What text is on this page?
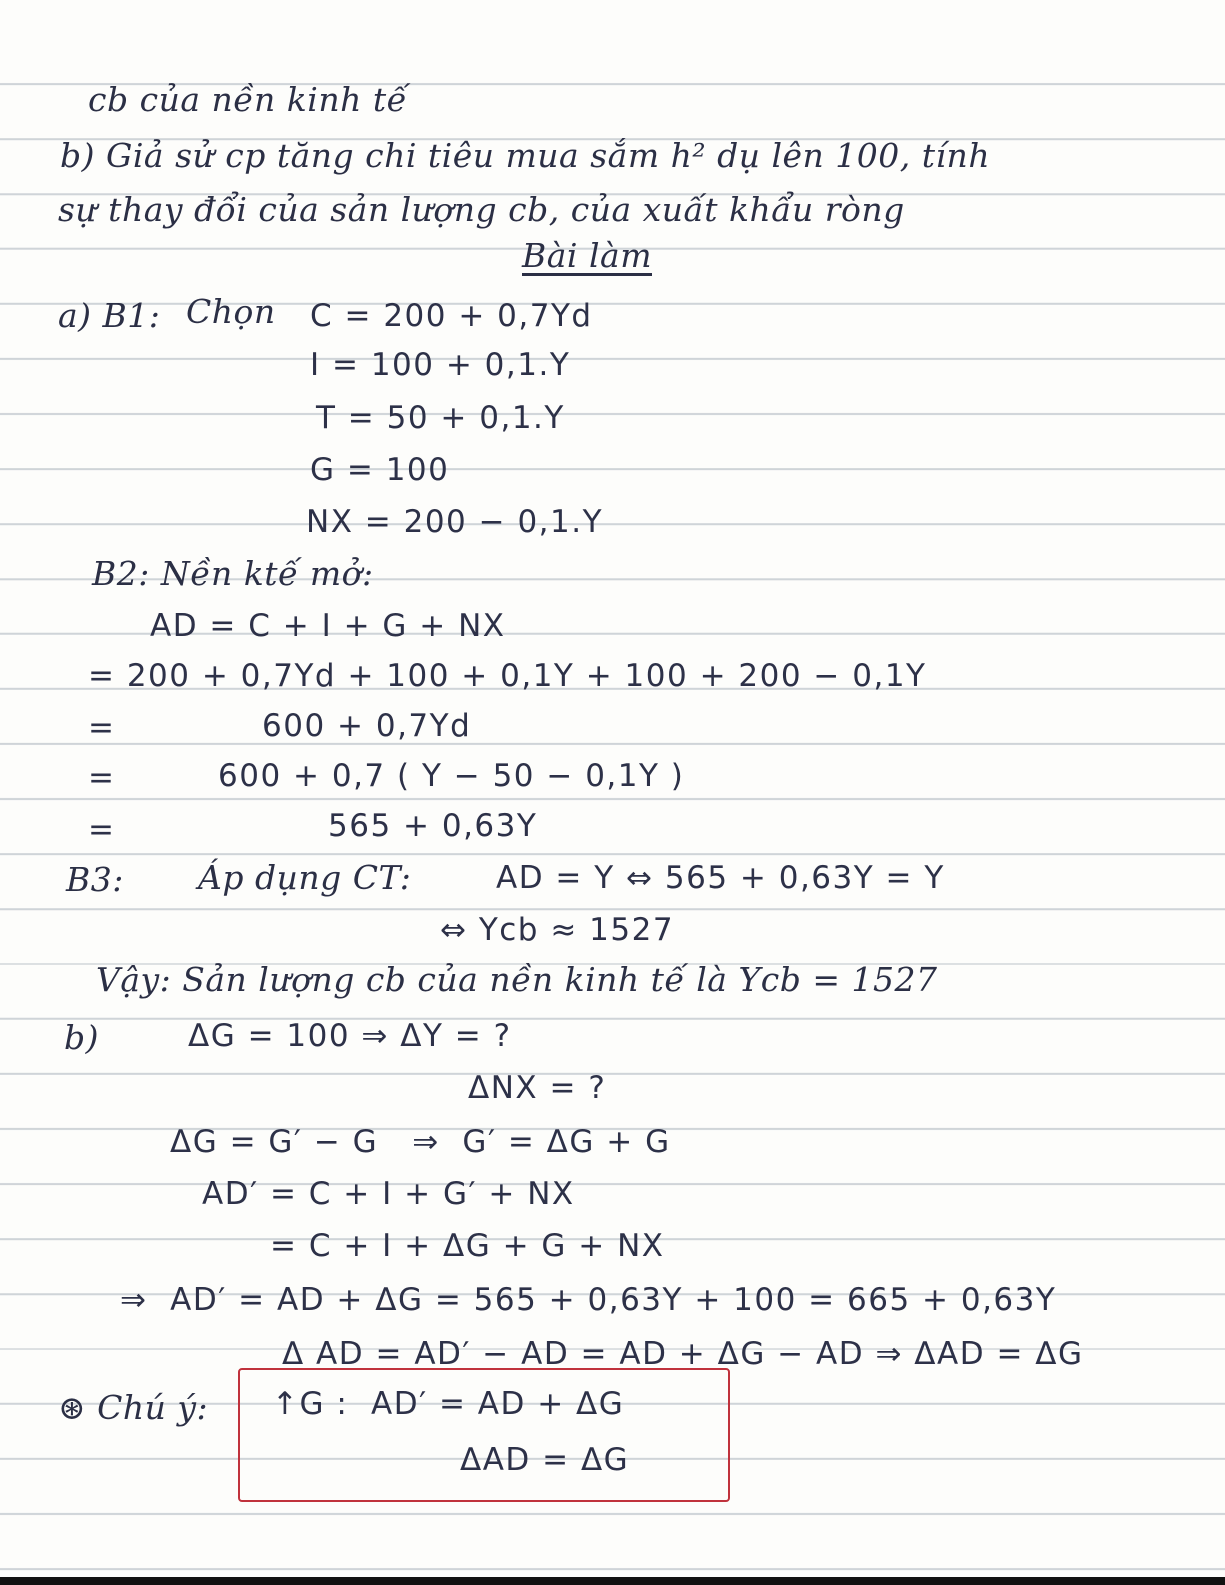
cb của nền kinh tế
b) Giả sử cp tăng chi tiêu mua sắm h² dụ lên 100, tính
sự thay đổi của sản lượng cb, của xuất khẩu ròng
Bài làm
a) B1: Chọn C = 200 + 0,7Yd
I = 100 + 0,1.Y
T = 50 + 0,1.Y
G = 100
NX = 200 − 0,1.Y
B2: Nền ktế mở:
AD = C + I + G + NX
= 200 + 0,7Yd + 100 + 0,1Y + 100 + 200 − 0,1Y
=	600 + 0,7Yd
=	600 + 0,7 ( Y − 50 − 0,1Y )
=	565 + 0,63Y
B3: Áp dụng CT:	AD = Y ⇔ 565 + 0,63Y = Y
⇔ Ycb ≈ 1527
Vậy: Sản lượng cb của nền kinh tế là Ycb = 1527
b)	ΔG = 100 ⇒ ΔY = ?
ΔNX = ?
ΔG = G′ − G   ⇒  G′ = ΔG + G
AD′ = C + I + G′ + NX
= C + I + ΔG + G + NX
⇒  AD′ = AD + ΔG = 565 + 0,63Y + 100 = 665 + 0,63Y
Δ AD = AD′ − AD = AD + ΔG − AD ⇒ ΔAD = ΔG
⊛ Chú ý: ↑G :  AD′ = AD + ΔG
ΔAD = ΔG
